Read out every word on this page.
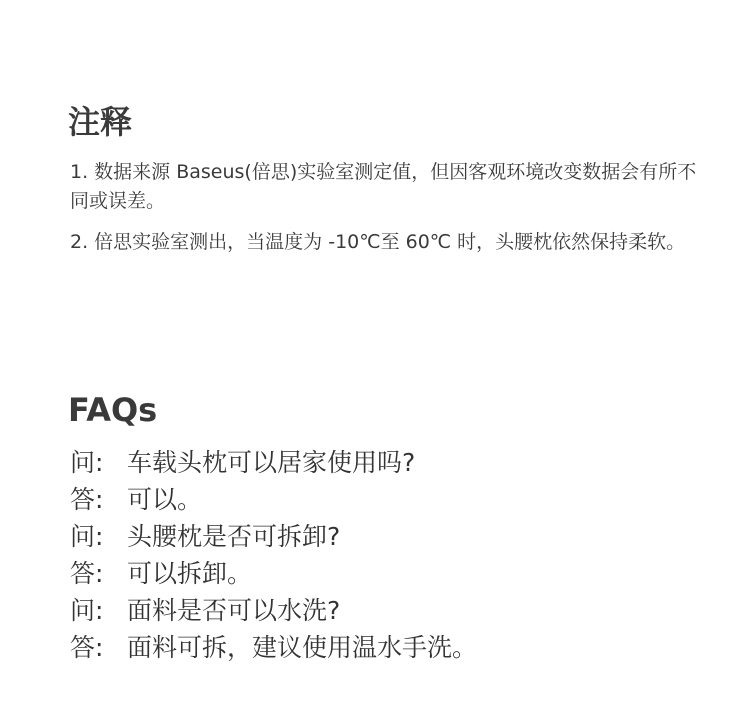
注释
1. 数据来源 Baseus(倍思)实验室测定值，但因客观环境改变数据会有所不同或误差。
2. 倍思实验室测出，当温度为 -10℃至 60℃ 时，头腰枕依然保持柔软。
FAQs
问: 车载头枕可以居家使用吗?
答: 可以。
问: 头腰枕是否可拆卸?
答: 可以拆卸。
问: 面料是否可以水洗?
答: 面料可拆，建议使用温水手洗。
